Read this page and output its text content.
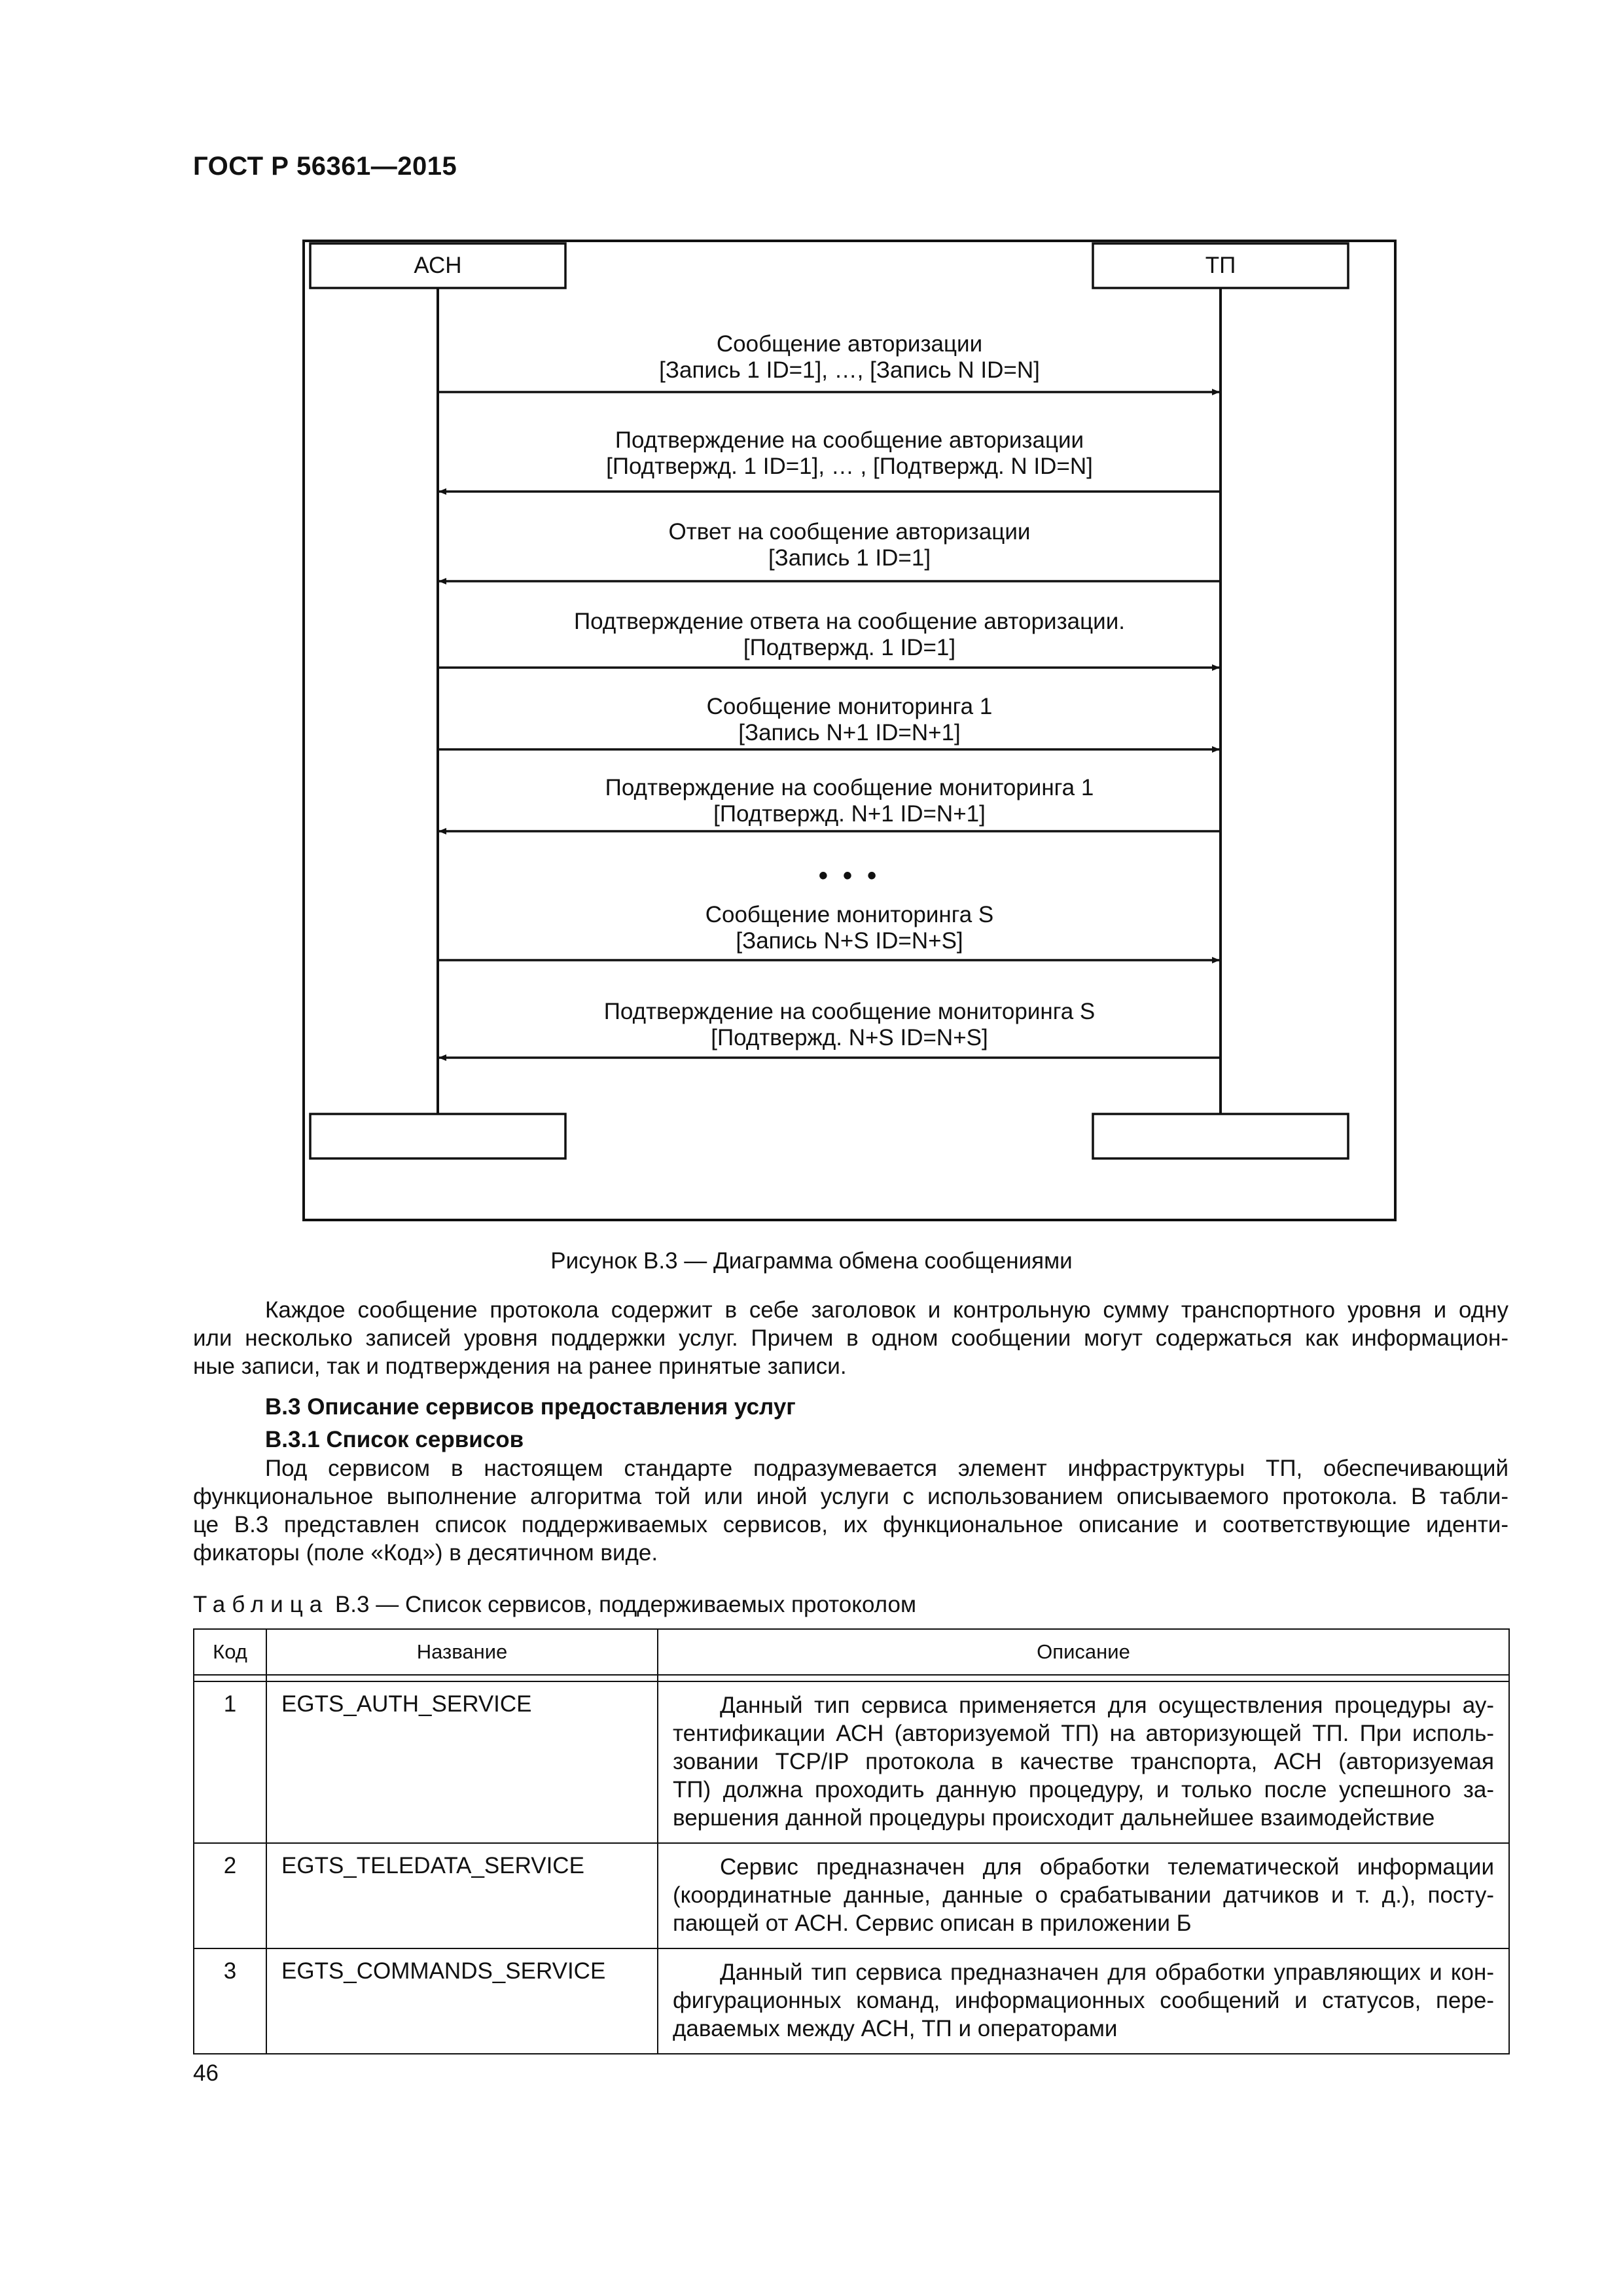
ГОСТ Р 56361—2015
АСН	ТП
Сообщение авторизации
[Запись 1 ID=1], …, [Запись N ID=N]
Подтверждение на сообщение авторизации
[Подтвержд. 1 ID=1], … , [Подтвержд. N ID=N]
Ответ на сообщение авторизации
[Запись 1 ID=1]
Подтверждение ответа на сообщение авторизации.
[Подтвержд. 1 ID=1]
Сообщение мониторинга 1
[Запись N+1 ID=N+1]
Подтверждение на сообщение мониторинга 1
[Подтвержд. N+1 ID=N+1]
• • •
Сообщение мониторинга S
[Запись N+S ID=N+S]
Подтверждение на сообщение мониторинга S
[Подтвержд. N+S ID=N+S]
Рисунок В.3 — Диаграмма обмена сообщениями
Каждое сообщение протокола содержит в себе заголовок и контрольную сумму транспортного уровня и одну
или несколько записей уровня поддержки услуг. Причем в одном сообщении могут содержаться как информацион-
ные записи, так и подтверждения на ранее принятые записи.
В.3 Описание сервисов предоставления услуг
В.3.1 Список сервисов
Под сервисом в настоящем стандарте подразумевается элемент инфраструктуры ТП, обеспечивающий
функциональное выполнение алгоритма той или иной услуги с использованием описываемого протокола. В табли-
це В.3 представлен список поддерживаемых сервисов, их функциональное описание и соответствующие иденти-
фикаторы (поле «Код») в десятичном виде.
Таблица В.3 — Список сервисов, поддерживаемых протоколом
Код	Название	Описание

1	EGTS_AUTH_SERVICE	Данный тип сервиса применяется для осуществления процедуры ау-
тентификации АСН (авторизуемой ТП) на авторизующей ТП. При исполь-
зовании TCP/IP протокола в качестве транспорта, АСН (авторизуемая
ТП) должна проходить данную процедуру, и только после успешного за-
вершения данной процедуры происходит дальнейшее взаимодействие

2	EGTS_TELEDATA_SERVICE	Сервис предназначен для обработки телематической информации
(координатные данные, данные о срабатывании датчиков и т. д.), посту-
пающей от АСН. Сервис описан в приложении Б

3	EGTS_COMMANDS_SERVICE	Данный тип сервиса предназначен для обработки управляющих и кон-
фигурационных команд, информационных сообщений и статусов, пере-
даваемых между АСН, ТП и операторами
46
